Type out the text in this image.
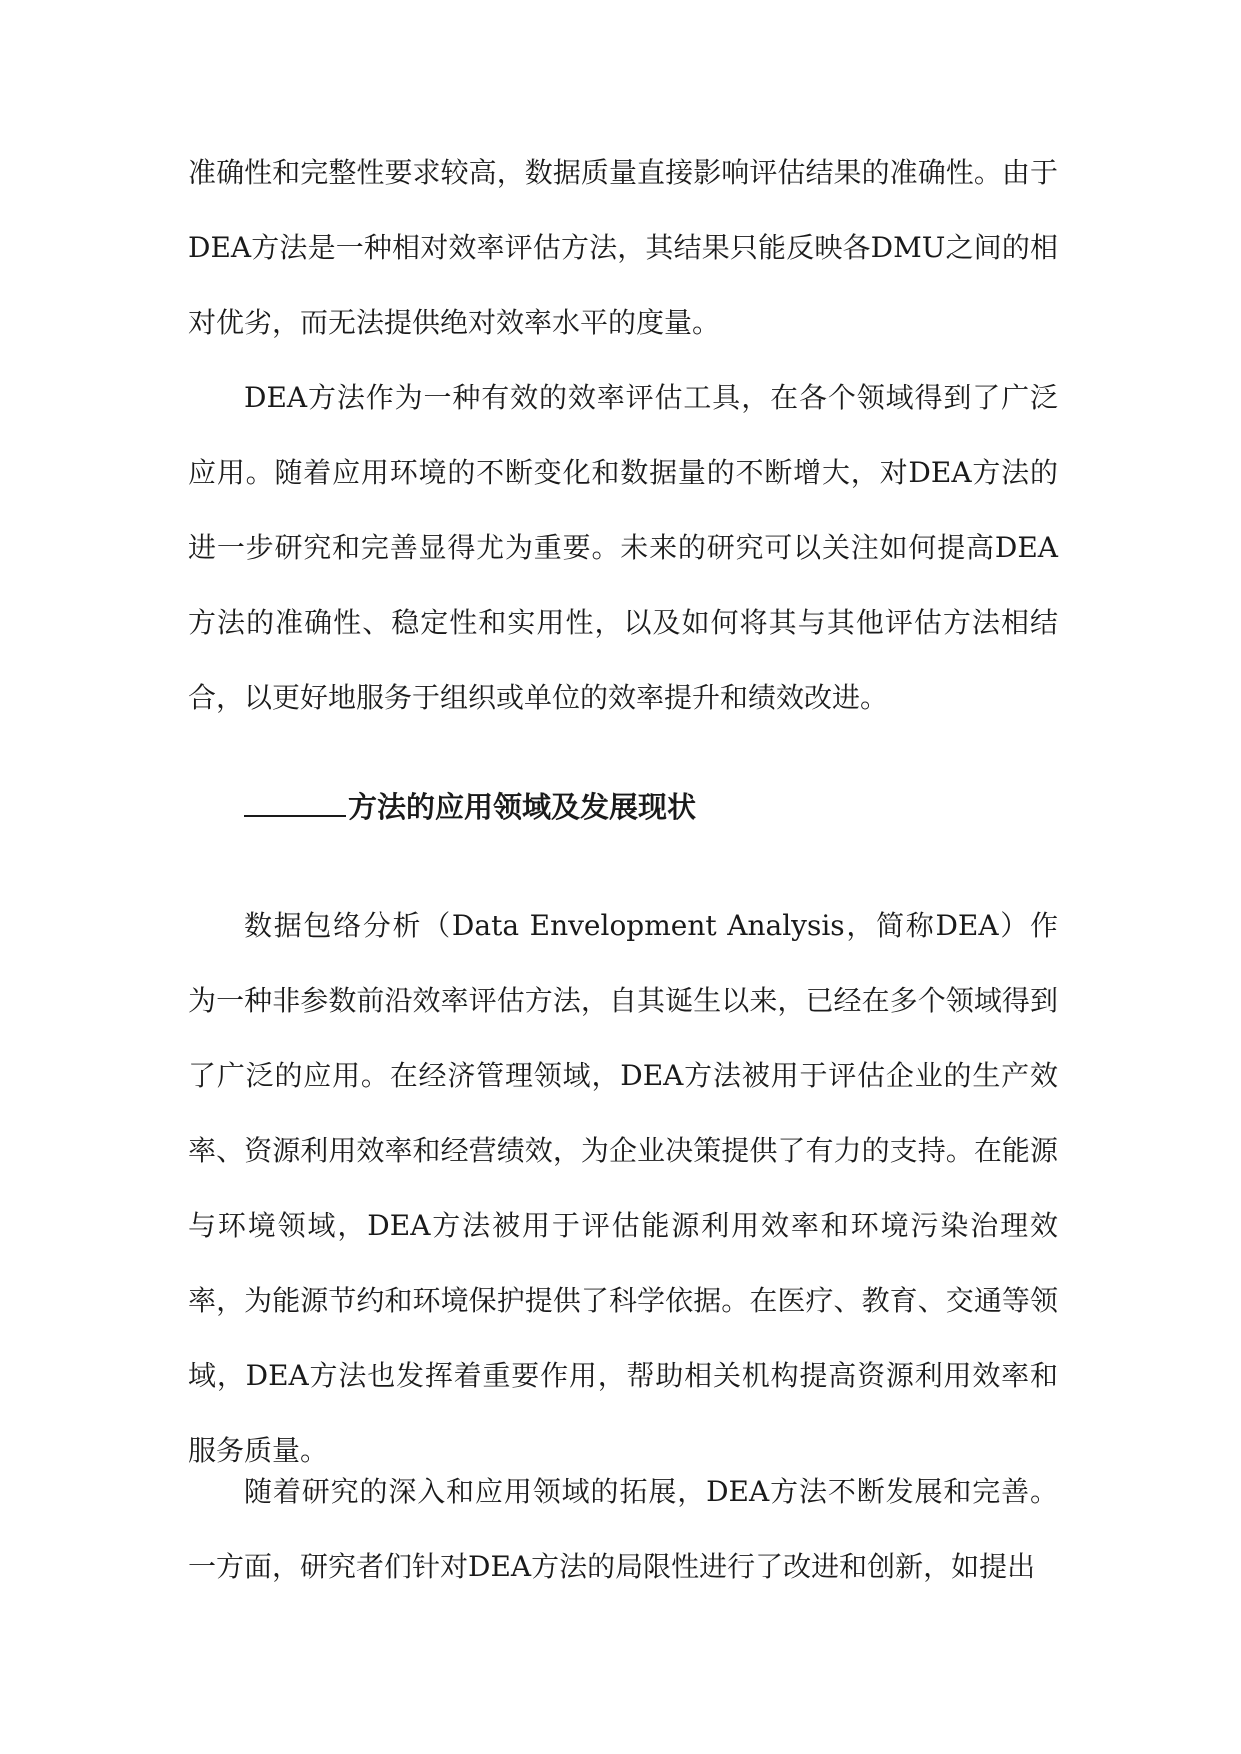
准确性和完整性要求较高，数据质量直接影响评估结果的准确性。由于DEA方法是一种相对效率评估方法，其结果只能反映各DMU之间的相对优劣，而无法提供绝对效率水平的度量。

DEA方法作为一种有效的效率评估工具，在各个领域得到了广泛应用。随着应用环境的不断变化和数据量的不断增大，对DEA方法的进一步研究和完善显得尤为重要。未来的研究可以关注如何提高DEA方法的准确性、稳定性和实用性，以及如何将其与其他评估方法相结合，以更好地服务于组织或单位的效率提升和绩效改进。

方法的应用领域及发展现状

数据包络分析（Data Envelopment Analysis，简称DEA）作为一种非参数前沿效率评估方法，自其诞生以来，已经在多个领域得到了广泛的应用。在经济管理领域，DEA方法被用于评估企业的生产效率、资源利用效率和经营绩效，为企业决策提供了有力的支持。在能源与环境领域，DEA方法被用于评估能源利用效率和环境污染治理效率，为能源节约和环境保护提供了科学依据。在医疗、教育、交通等领域，DEA方法也发挥着重要作用，帮助相关机构提高资源利用效率和服务质量。

随着研究的深入和应用领域的拓展，DEA方法不断发展和完善。一方面，研究者们针对DEA方法的局限性进行了改进和创新，如提出
